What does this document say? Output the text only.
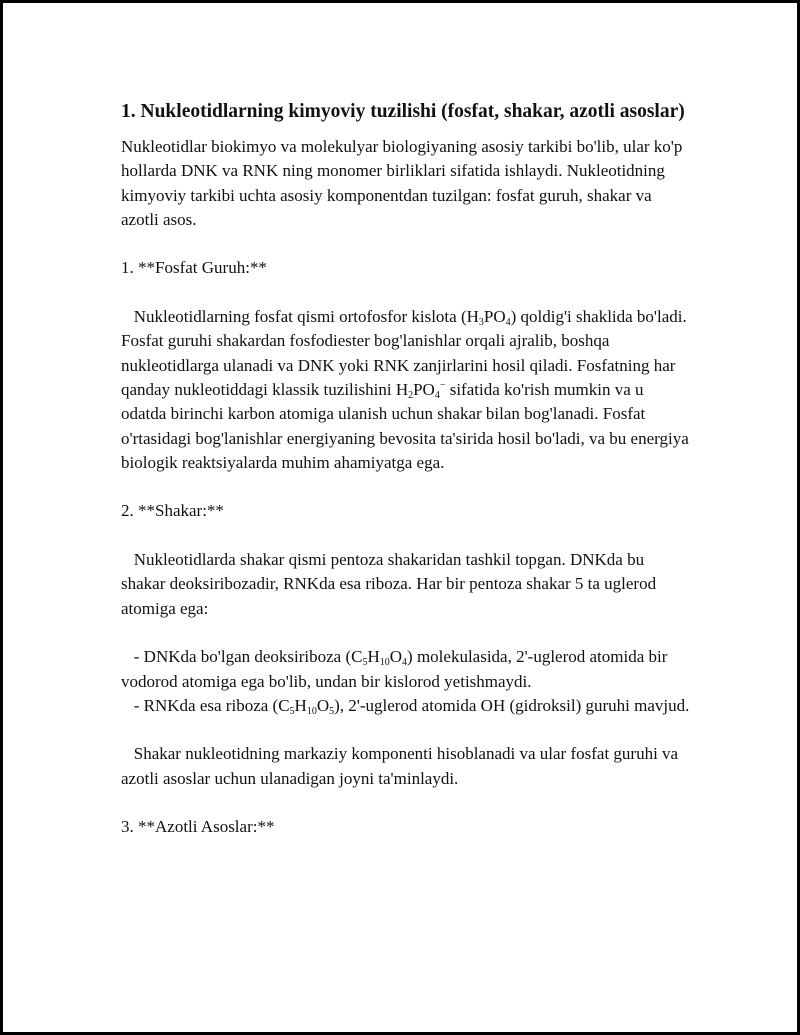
1. Nukleotidlarning kimyoviy tuzilishi (fosfat, shakar, azotli asoslar)

Nukleotidlar biokimyo va molekulyar biologiyaning asosiy tarkibi bo'lib, ular ko'p hollarda DNK va RNK ning monomer birliklari sifatida ishlaydi. Nukleotidning kimyoviy tarkibi uchta asosiy komponentdan tuzilgan: fosfat guruh, shakar va azotli asos.

1. **Fosfat Guruh:**

Nukleotidlarning fosfat qismi ortofosfor kislota $(H_3PO_4)$ qoldig'i shaklida bo'ladi. Fosfat guruhi shakardan fosfodiester bog'lanishlar orqali ajralib, boshqa nukleotidlarga ulanadi va DNK yoki RNK zanjirlarini hosil qiladi. Fosfatning har qanday nukleotiddagi klassik tuzilishini $H_2PO_4^-$ sifatida ko'rish mumkin va u odatda birinchi karbon atomiga ulanish uchun shakar bilan bog'lanadi. Fosfat o'rtasidagi bog'lanishlar energiyaning bevosita ta'sirida hosil bo'ladi, va bu energiya biologik reaktsiyalarda muhim ahamiyatga ega.

2. **Shakar:**

Nukleotidlarda shakar qismi pentoza shakaridan tashkil topgan. DNKda bu shakar deoksiribozadir, RNKda esa riboza. Har bir pentoza shakar 5 ta uglerod atomiga ega:

- DNKda bo'lgan deoksiriboza $(C_5H_{10}O_4)$ molekulasida, 2'-uglerod atomida bir vodorod atomiga ega bo'lib, undan bir kislorod yetishmaydi.

- RNKda esa riboza $(C_5H_{10}O_5)$, 2'-uglerod atomida OH (gidroksil) guruhi mavjud.

Shakar nukleotidning markaziy komponenti hisoblanadi va ular fosfat guruhi va azotli asoslar uchun ulanadigan joyni ta'minlaydi.

3. **Azotli Asoslar:**
